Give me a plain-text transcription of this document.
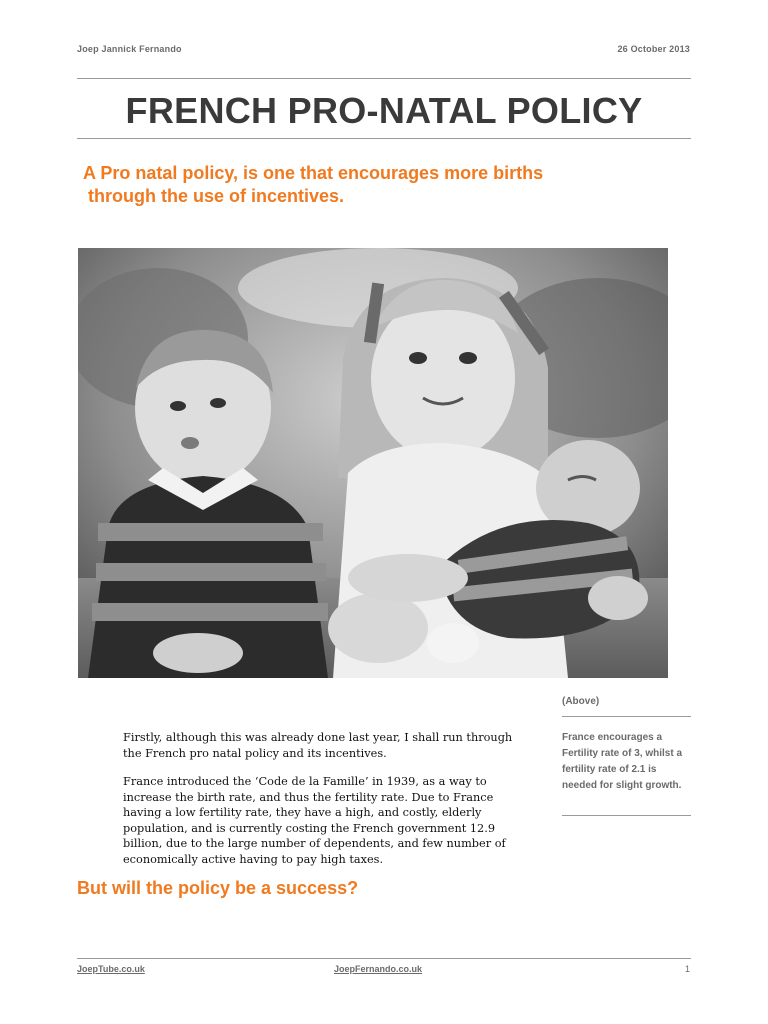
Joep Jannick Fernando	26 October 2013
FRENCH PRO-NATAL POLICY
A Pro natal policy, is one that encourages more births
through the use of incentives.
(Above)
France encourages a Fertility rate of 3, whilst a fertility rate of 2.1 is needed for slight growth.

Firstly, although this was already done last year, I shall run through the French pro natal policy and its incentives.

France introduced the ‘Code de la Famille’ in 1939, as a way to increase the birth rate, and thus the fertility rate. Due to France having a low fertility rate, they have a high, and costly, elderly population, and is currently costing the French government 12.9 billion, due to the large number of dependents, and few number of economically active having to pay high taxes.

But will the policy be a success?
JoepTube.co.uk	JoepFernando.co.uk	1
